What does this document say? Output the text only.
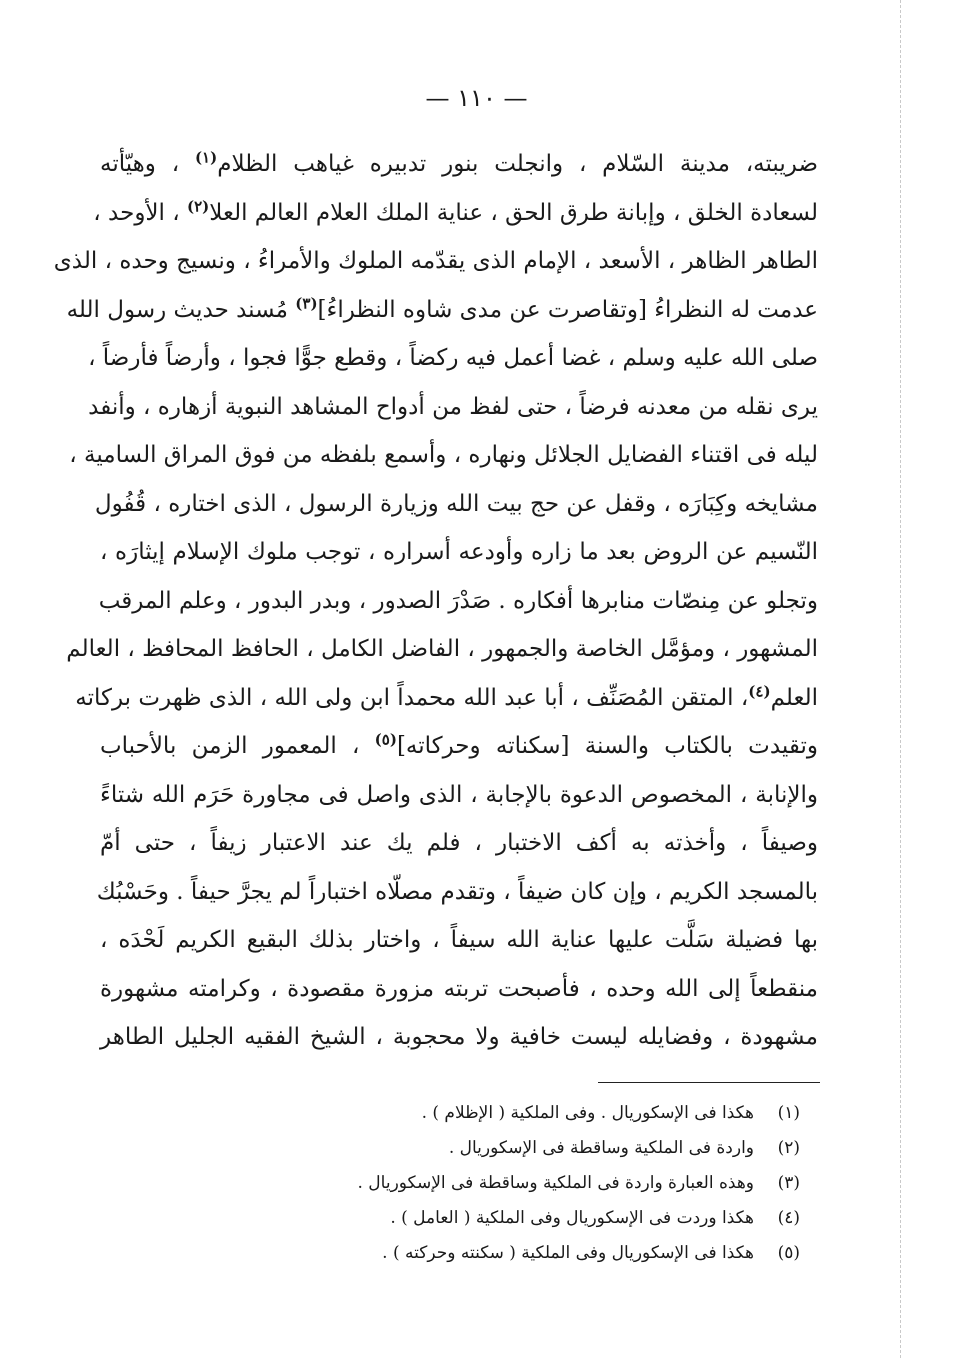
— ١١٠ —
ضريبته، مدينة السّلام ، وانجلت بنور تدبيره غياهب الظلام$^{(١)}$ ، وهيّأته
لسعادة الخلق ، وإبانة طرق الحق ، عناية الملك العلام العالم العلا$^{(٢)}$ ، الأوحد ،
الطاهر الظاهر ، الأسعد ، الإمام الذى يقدّمه الملوك والأمراءُ ، ونسيج وحده ، الذى
عدمت له النظراءُ [وتقاصرت عن مدى شاوه النظراءُ]$^{(٣)}$ مُسند حديث رسول الله
صلى الله عليه وسلم ، غضا أعمل فيه ركضاً ، وقطع جوًّا فجوا ، وأرضاً فأرضاً ،
يرى نقله من معدنه فرضاً ، حتى لفظ من أدواح المشاهد النبوية أزهاره ، وأنفد
ليله فى اقتناء الفضايل الجلائل ونهاره ، وأسمع بلفظه من فوق المراق السامية ،
مشايخه وكِبَارَه ، وقفل عن حج بيت الله وزيارة الرسول ، الذى اختاره ، قُفُول
النّسيم عن الروض بعد ما زاره وأودعه أسراره ، توجب ملوك الإسلام إيثارَه ،
وتجلو عن مِنصّات منابرها أفكاره . صَدْرَ الصدور ، وبدر البدور ، وعلم المرقب
المشهور ، ومؤمَّل الخاصة والجمهور ، الفاضل الكامل ، الحافظ المحافظ ، العالم
العلم$^{(٤)}$، المتقن المُصَنِّف ، أبا عبد الله محمداً ابن ولى الله ، الذى ظهرت بركاته
وتقيدت بالكتاب والسنة [سكناته وحركاته]$^{(٥)}$ ، المعمور الزمن بالأحباب
والإنابة ، المخصوص الدعوة بالإجابة ، الذى واصل فى مجاورة حَرَم الله شتاءً
وصيفاً ، وأخذته به أكف الاختبار ، فلم يك عند الاعتبار زيفاً ، حتى أمّ
بالمسجد الكريم ، وإن كان ضيفاً ، وتقدم مصلّاه اختباراً لم يجرَّ حيفاً . وحَسْبُك
بها فضيلة سَلَّت عليها عناية الله سيفاً ، واختار بذلك البقيع الكريم لَحْدَه ،
منقطعاً إلى الله وحده ، فأصبحت تربته مزورة مقصودة ، وكرامته مشهورة
مشهودة ، وفضايله ليست خافية ولا محجوبة ، الشيخ الفقيه الجليل الطاهر
(١)هكذا فى الإسكوريال . وفى الملكية ( الإظلام ) .
(٢)واردة فى الملكية وساقطة فى الإسكوريال .
(٣)وهذه العبارة واردة فى الملكية وساقطة فى الإسكوريال .
(٤)هكذا وردت فى الإسكوريال وفى الملكية ( العامل ) .
(٥)هكذا فى الإسكوريال وفى الملكية ( سكنته وحركته ) .
